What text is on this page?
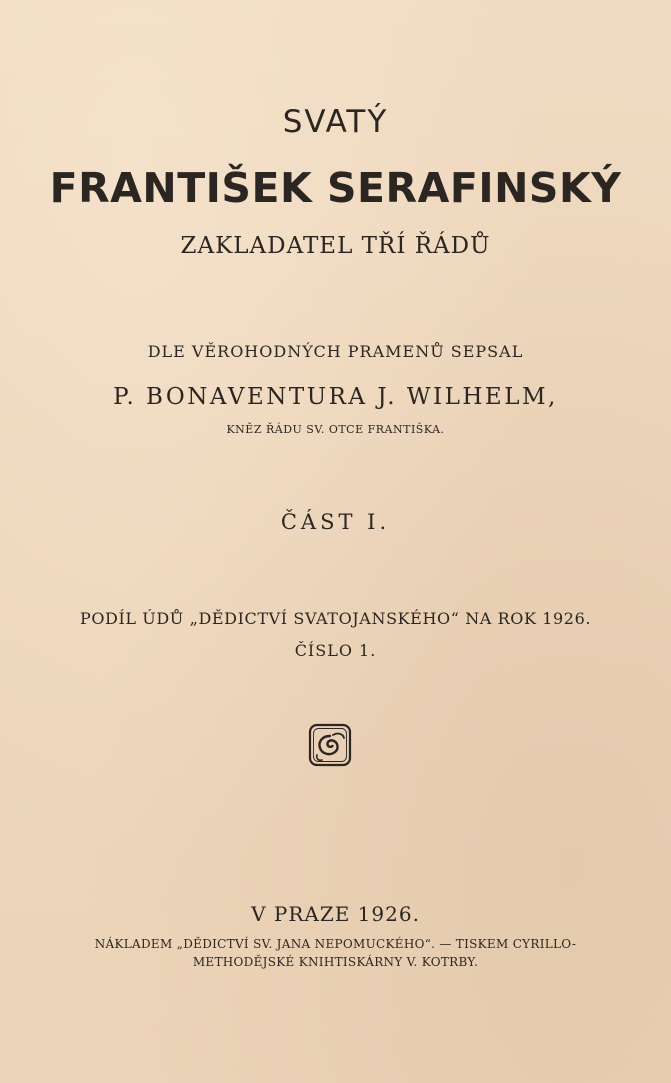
SVATÝ
FRANTIŠEK SERAFINSKÝ
ZAKLADATEL TŘÍ ŘÁDŮ
DLE VĚROHODNÝCH PRAMENŮ SEPSAL
P. BONAVENTURA J. WILHELM,
KNĚZ ŘÁDU SV. OTCE FRANTIŠKA.
ČÁST I.
PODÍL ÚDŮ „DĚDICTVÍ SVATOJANSKÉHO“ NA ROK 1926.
ČÍSLO 1.
V PRAZE 1926.
NÁKLADEM „DĚDICTVÍ SV. JANA NEPOMUCKÉHO“. — TISKEM CYRILLO-
METHODĚJSKÉ KNIHTISKÁRNY V. KOTRBY.
